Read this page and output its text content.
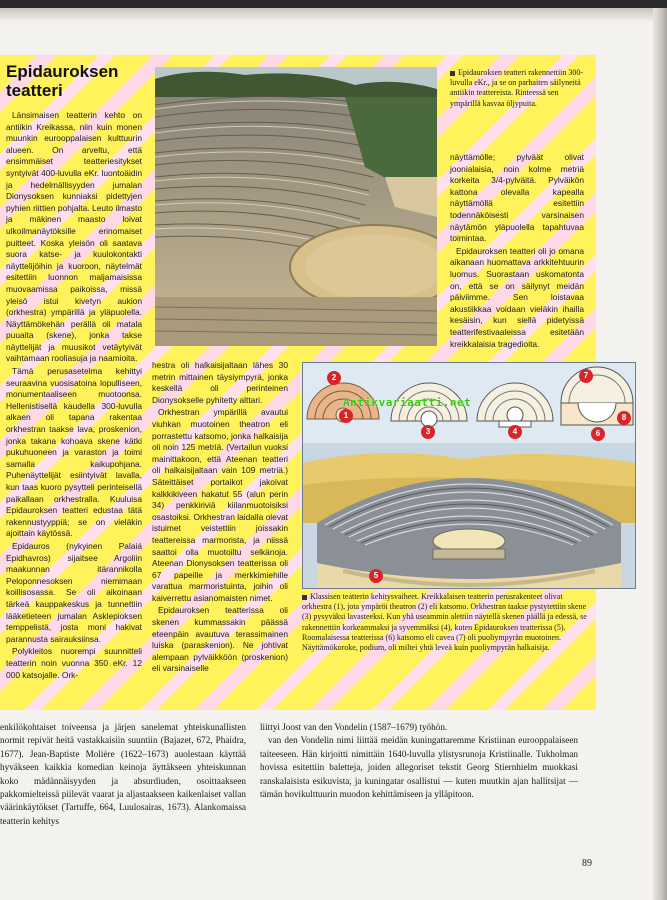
Epidauroksen
teatteri
Epidauroksen teatteri rakennettiin 300-luvulla eKr., ja se on parhaiten säilyneitä antiikin teattereista. Rinteessä sen ympärillä kasvaa öljypuita.

Länsimaisen teatterin kehto on antiikin Kreikassa, niin kuin monen muunkin eurooppalaisen kulttuurin alueen. On arveltu, että ensimmäiset teatteriesitykset syntyivät 400-luvulla eKr. luontoäidin ja hedelmällisyyden jumalan Dionysoksen kunniaksi pidettyjen pyhien riittien pohjalta. Leuto ilmasto ja mäkinen maasto loivat ulkoilmanäytöksille erinomaiset puitteet. Koska yleisön oli saatava suora katse- ja kuulokontakti näyttelijöihin ja kuoroon, näytelmät esitettiin luonnon maljamaisissa muovaamissa paikoissa, missä yleisö istui kivetyn aukion (orkhestra) ympärillä ja yläpuolella. Näyttämökehän perällä oli matala puuaita (skene), jonka takse näyttelijät ja muusikot vetäytyivät vaihtamaan rooliasuja ja naamioita.

Tämä perusasetelma kehittyi seuraavina vuosisatoina lopulliseen, monumentaaliseen muotoonsa. Hellenistisellä kaudella 300-luvulla alkaen oli tapana rakentaa orkhestran taakse lava, proskenion, jonka takana kohoava skene kätki pukuhuoneen ja varaston ja toimi samalla kaikupohjana. Puhenäyttelijät esiintyivät lavalla, kun taas kuoro pysytteli perinteisellä paikallaan orkhestralla. Kuuluisa Epidauroksen teatteri edustaa tätä rakennustyyppiä; se on vieläkin ajoittain käytössä.

Epidauros (nykyinen Palaiá Epidhavros) sijaitsee Argoliin maakunnan itärannikolla Peloponnesoksen niemimaan koillisosassa. Se oli aikoinaan tärkeä kauppakeskus ja tunnettiin lääketieteen jumalan Asklepioksen temppelistä, josta moni hakivat parannusta sairauksiinsa.

Polykleitos nuorempi suunnitteli teatterin noin vuonna 350 eKr. 12 000 katsojalle. Ork-

hestra oli halkaisijaltaan lähes 30 metrin mittainen täysiympyrä, jonka keskellä oli perinteinen Dionysokselle pyhitetty alttari.

Orkhestran ympärillä avautui viuhkan muotoinen theatron eli porrastettu katsomo, jonka halkaisija oli noin 125 metriä. (Vertailun vuoksi mainittakoon, että Ateenan teatteri oli halkaisijaltaan vain 109 metriä.) Säteittäiset portaikot jakoivat kalkkikiveen hakatut 55 (alun perin 34) penkkiriviä kiilanmuotoisiksi osastoiksi. Orkhestran laidalla olevat istuimet veistettiin joissakin teattereissa marmorista, ja niissä saattoi olla muotoiltu selkänoja. Ateenan Dionysoksen teatterissa oli 67 papeille ja merkkimiehille varattua marmoristuinta, joihin oli kaiverrettu asianomaisten nimet.

Epidauroksen teatterissa oli skenen kummassakin päässä eteenpäin avautuva terassimainen luiska (paraskenion). Ne johtivat alempaan pylväikköön (proskenion) eli varsinaiselle

näyttämölle; pylväät olivat joonialaisia, noin kolme metriä korkeita 3/4-pylväitä. Pylväikön kattona olevalla kapealla näyttämöllä esitettiin todennäköisesti varsinaisen näytämön yläpuolella tapahtuvaa toimintaa.

Epidauroksen teatteri oli jo omana aikanaan huomattava arkkitehtuurin luomus. Suorastaan uskomatonta on, että se on säilynyt meidän päiviimme. Sen loistavaa akustiikkaa voidaan vieläkin ihailla kesäisin, kun siellä pidetyissä teatterifestivaaleissa esitetään kreikkalaisia tragedioita.

1
2
3	4
5
6
7
8
Antikvariaatti.net
Klassisen teatterin kehitysvaiheet. Kreikkalaisen teatterin perusrakenteet olivat orkhestra (1), jota ympäröi theatron (2) eli katsomo. Orkhestran taakse pystytettiin skene (3) pysyväksi lavasteeksi. Kun yhä useammin alettiin näytellä skenen päällä ja edessä, se rakennettiin korkeammaksi ja syvemmäksi (4), kuten Epidauroksen teatterissa (5). Roomalaisessa teatterissa (6) katsomo eli cavea (7) oli puoliympyrän muotoinen. Näyttämökoroke, podium, oli miltei yhtä leveä kuin puoliympyrän halkaisija.

enkilökohtaiset toiveensa ja järjen sanelemat yhteiskunallisten normit repivät heitä vastakkaisiin suuntiin (Bajazet, 672, Phaidra, 1677). Jean-Baptiste Molière (1622–1673) auolestaan käyttää hyväkseen kaikkia komedian keinoja äyttäkseen yhteiskunnan koko mädännäisyyden ja absurdiuden, osoittaakseen pakkomielteissä piilevät vaarat ja aljastaakseen kaikenlaiset vallan väärinkäytökset (Tartuffe, 664, Luulosairas, 1673). Alankomaissa teatterin kehitys

liittyi Joost van den Vondelin (1587–1679) työhön.

van den Vondelin nimi liittää meidän kuningattaremme Kristiinan eurooppalaiseen taiteeseen. Hän kirjoitti nimittäin 1640-luvulla ylistysrunoja Kristiinalle. Tukholman hovissa esitettiin baletteja, joiden allegoriset tekstit Georg Stiernhielm muokkasi ranskalaisista esikuvista, ja kuningatar osallistui — kuten muutkin ajan hallitsijat — tämän hovikulttuurin muodon kehittämiseen ja ylläpitoon.

89
